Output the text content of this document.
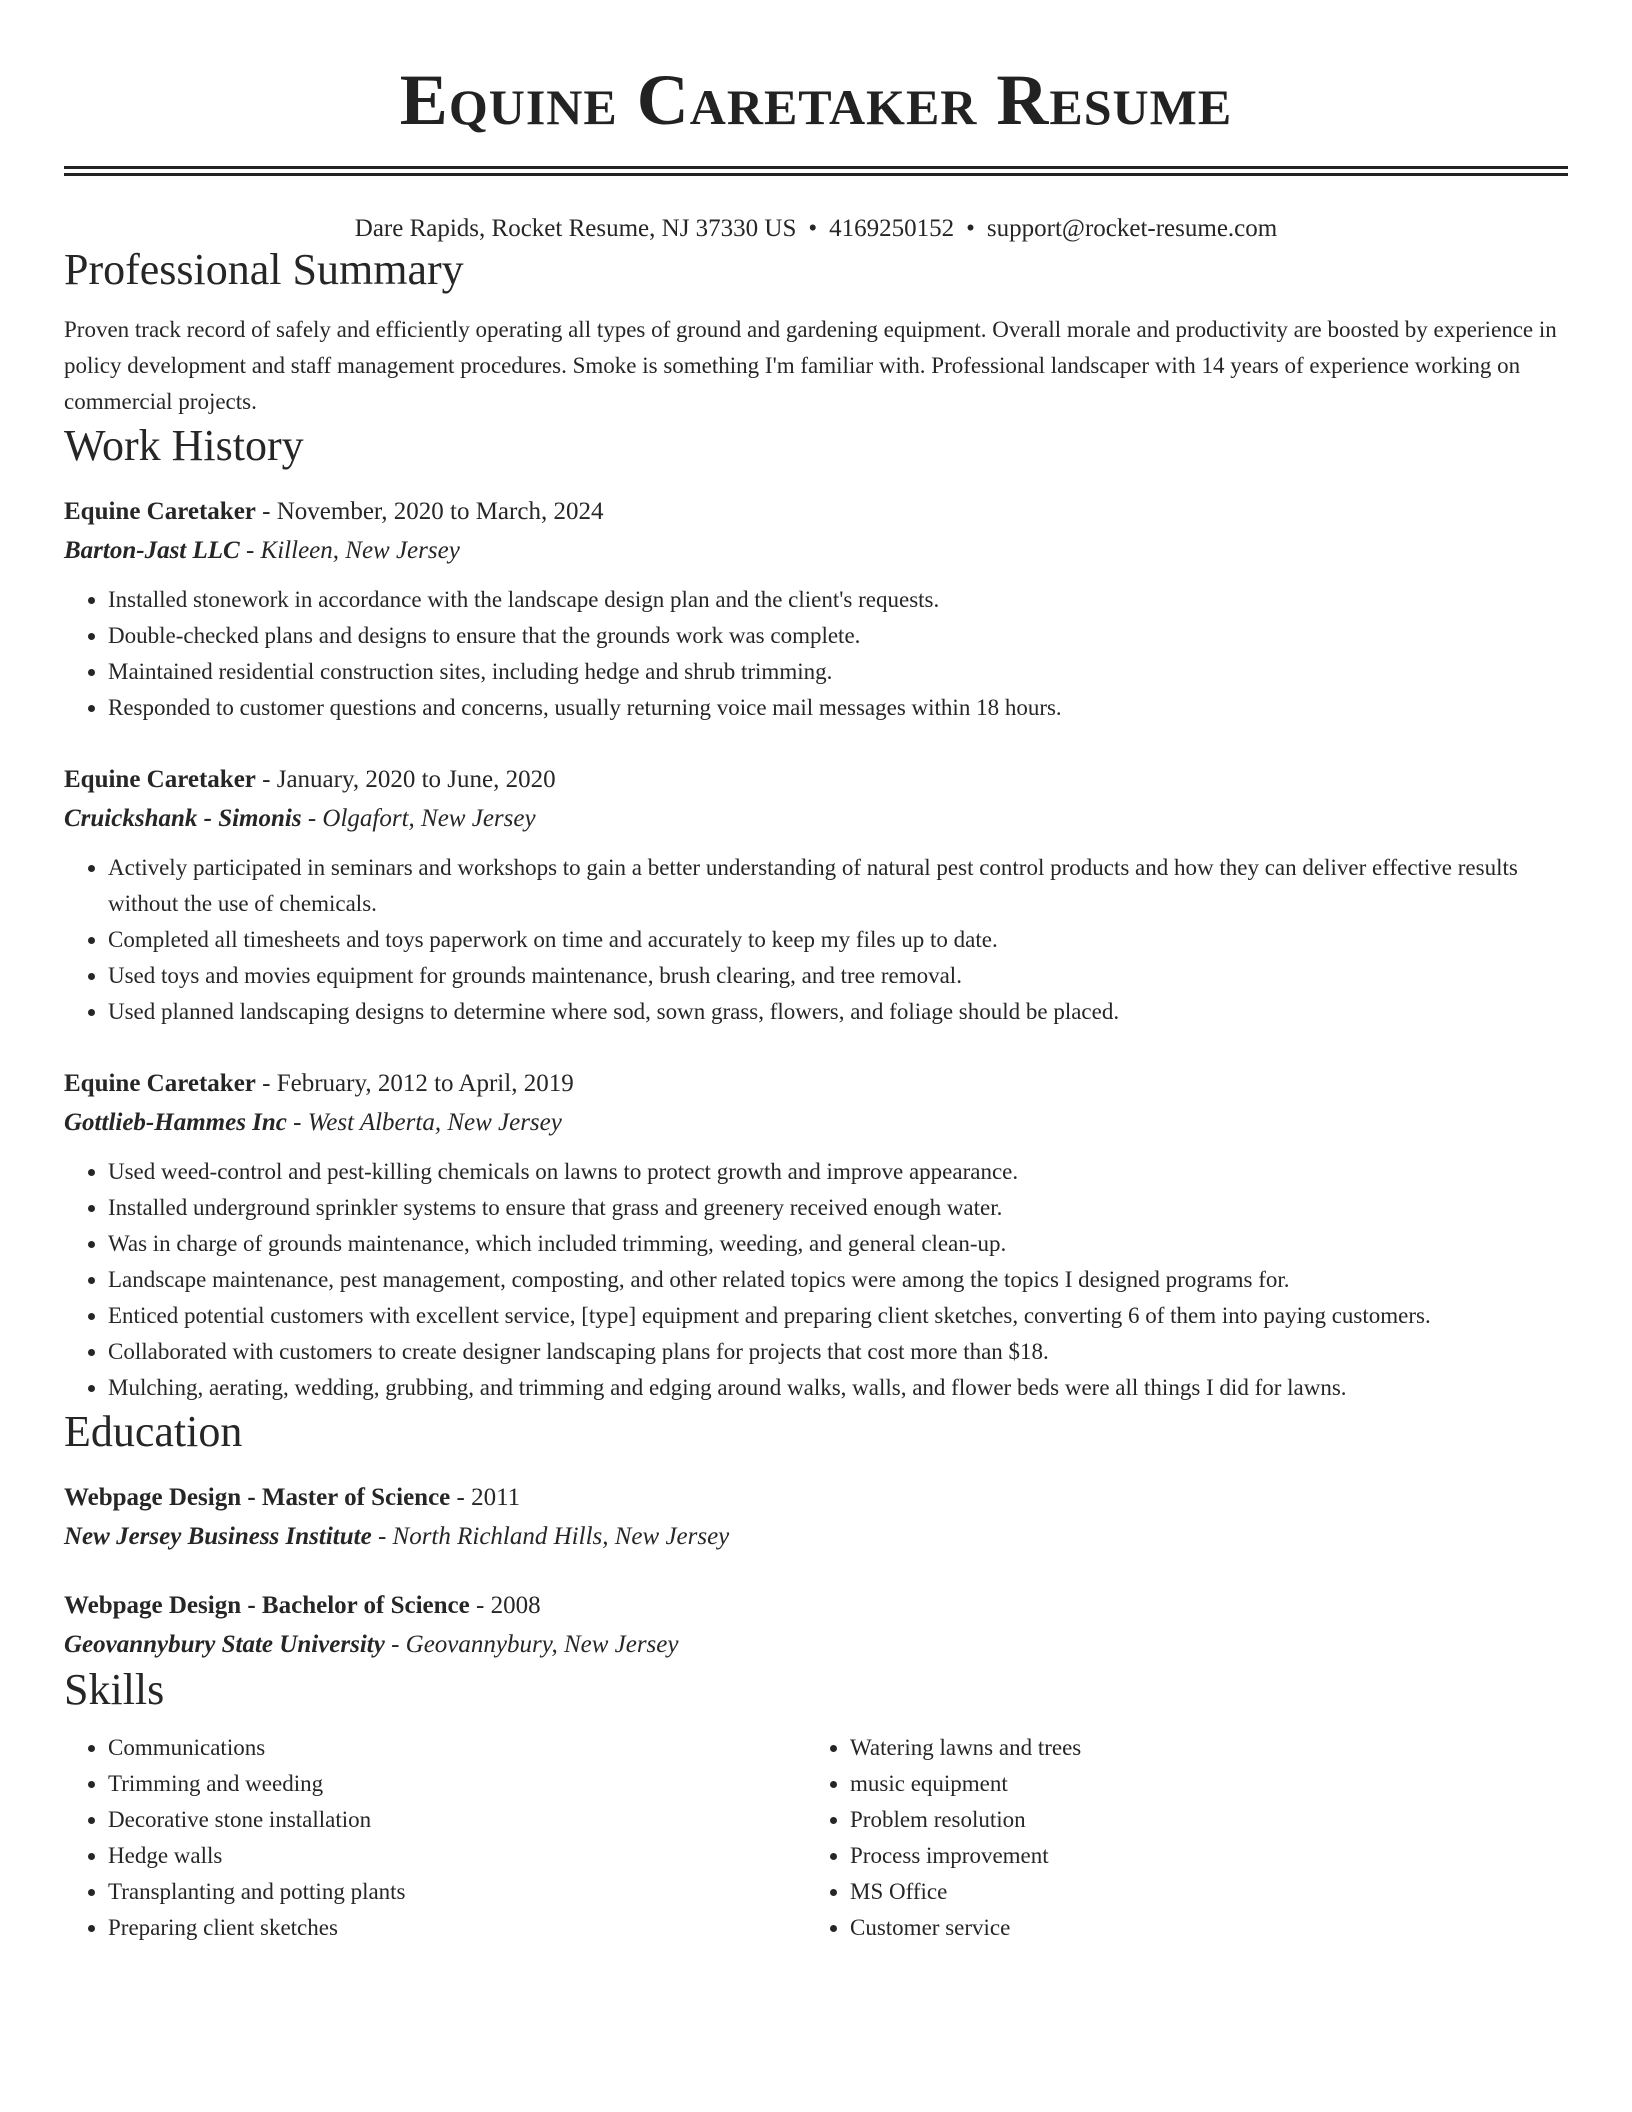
Equine Caretaker Resume
Dare Rapids, Rocket Resume, NJ 37330 US • 4169250152 • support@rocket-resume.com
Professional Summary

Proven track record of safely and efficiently operating all types of ground and gardening equipment. Overall morale and productivity are boosted by experience in policy development and staff management procedures. Smoke is something I'm familiar with. Professional landscaper with 14 years of experience working on commercial projects.

Work History
Equine Caretaker - November, 2020 to March, 2024
Barton-Jast LLC - Killeen, New Jersey
• Installed stonework in accordance with the landscape design plan and the client's requests.
• Double-checked plans and designs to ensure that the grounds work was complete.
• Maintained residential construction sites, including hedge and shrub trimming.
• Responded to customer questions and concerns, usually returning voice mail messages within 18 hours.
Equine Caretaker - January, 2020 to June, 2020
Cruickshank - Simonis - Olgafort, New Jersey
• Actively participated in seminars and workshops to gain a better understanding of natural pest control products and how they can deliver effective results without the use of chemicals.
• Completed all timesheets and toys paperwork on time and accurately to keep my files up to date.
• Used toys and movies equipment for grounds maintenance, brush clearing, and tree removal.
• Used planned landscaping designs to determine where sod, sown grass, flowers, and foliage should be placed.
Equine Caretaker - February, 2012 to April, 2019
Gottlieb-Hammes Inc - West Alberta, New Jersey
• Used weed-control and pest-killing chemicals on lawns to protect growth and improve appearance.
• Installed underground sprinkler systems to ensure that grass and greenery received enough water.
• Was in charge of grounds maintenance, which included trimming, weeding, and general clean-up.
• Landscape maintenance, pest management, composting, and other related topics were among the topics I designed programs for.
• Enticed potential customers with excellent service, [type] equipment and preparing client sketches, converting 6 of them into paying customers.
• Collaborated with customers to create designer landscaping plans for projects that cost more than $18.
• Mulching, aerating, wedding, grubbing, and trimming and edging around walks, walls, and flower beds were all things I did for lawns.
Education
Webpage Design - Master of Science - 2011
New Jersey Business Institute - North Richland Hills, New Jersey
Webpage Design - Bachelor of Science - 2008
Geovannybury State University - Geovannybury, New Jersey
Skills
• Communications
• Trimming and weeding
• Decorative stone installation
• Hedge walls
• Transplanting and potting plants
• Preparing client sketches
• Watering lawns and trees
• music equipment
• Problem resolution
• Process improvement
• MS Office
• Customer service
